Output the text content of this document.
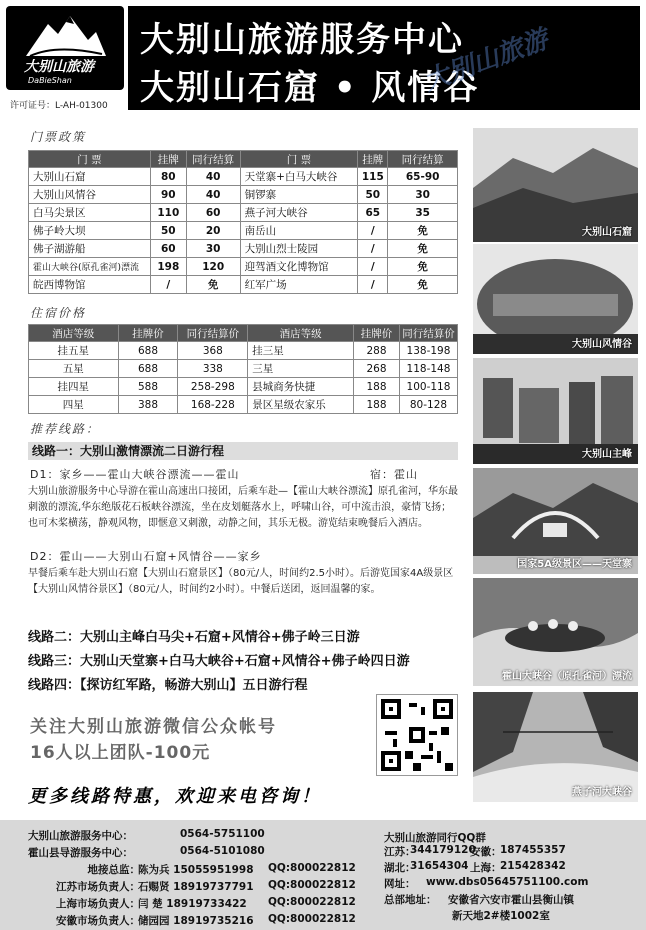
大别山旅游
DaBieShan
许可证号：L-AH-01300
大别山旅游服务中心
大别山石窟 • 风情谷
大别山旅游
门票政策
门 票	挂牌	同行结算	门 票	挂牌	同行结算
大别山石窟	80	40	天堂寨+白马大峡谷	115	65-90
大别山风情谷	90	40	铜锣寨	50	30
白马尖景区	110	60	燕子河大峡谷	65	35
佛子岭大坝	50	20	南岳山	/	免
佛子湖游船	60	30	大别山烈士陵园	/	免
霍山大峡谷(原孔雀河)漂流	198	120	迎驾酒文化博物馆	/	免
皖西博物馆	/	免	红军广场	/	免
住宿价格
酒店等级	挂牌价	同行结算价	酒店等级	挂牌价	同行结算价
挂五星	688	368	挂三星	288	138-198
五星	688	338	三星	268	118-148
挂四星	588	258-298	县城商务快捷	188	100-118
四星	388	168-228	景区星级农家乐	188	80-128
推荐线路：
线路一：大别山激情漂流二日游行程
D1：家乡——霍山大峡谷漂流——霍山	宿：霍山
大别山旅游服务中心导游在霍山高速出口接团，后乘车赴—【霍山大峡谷漂流】原孔雀河，华东最刺激的漂流,华东绝版花石板峡谷漂流，坐在皮划艇落水上，呼啸山谷，可中流击浪，豪情飞扬；也可木桨横荡，静观风物，即惬意又刺激，动静之间，其乐无极。游览结束晚餐后入酒店。
D2：霍山——大别山石窟+风情谷——家乡
早餐后乘车赴大别山石窟【大别山石窟景区】（80元/人，时间约2.5小时）。后游览国家4A级景区【大别山风情谷景区】（80元/人，时间约2小时）。中餐后送团，返回温馨的家。
线路二：大别山主峰白马尖+石窟+风情谷+佛子岭三日游
线路三：大别山天堂寨+白马大峡谷+石窟+风情谷+佛子岭四日游
线路四：【探访红军路，畅游大别山】五日游行程
关注大别山旅游微信公众帐号
16人以上团队-100元
更多线路特惠，欢迎来电咨询！
大别山石窟
大别山风情谷
大别山主峰
国家5A级景区——天堂寨
霍山大峡谷（原孔雀河）漂流
燕子河大峡谷
大别山旅游服务中心：	0564-5751100
霍山县导游服务中心：	0564-5101080
地接总监：
陈为兵 15055951998 QQ:800022812
江苏市场负责人：
石赐贤 18919737791 QQ:800022812
上海市场负责人：
闫 楚 18919733422 QQ:800022812
安徽市场负责人：
储园园 18919735216 QQ:800022812
大别山旅游同行QQ群
江苏：
344179120
安徽：
187455357
湖北：
31654304 上海：
215428342
网址： www.dbs05645751100.com
总部地址： 安徽省六安市霍山县衡山镇
新天地2#楼1002室
